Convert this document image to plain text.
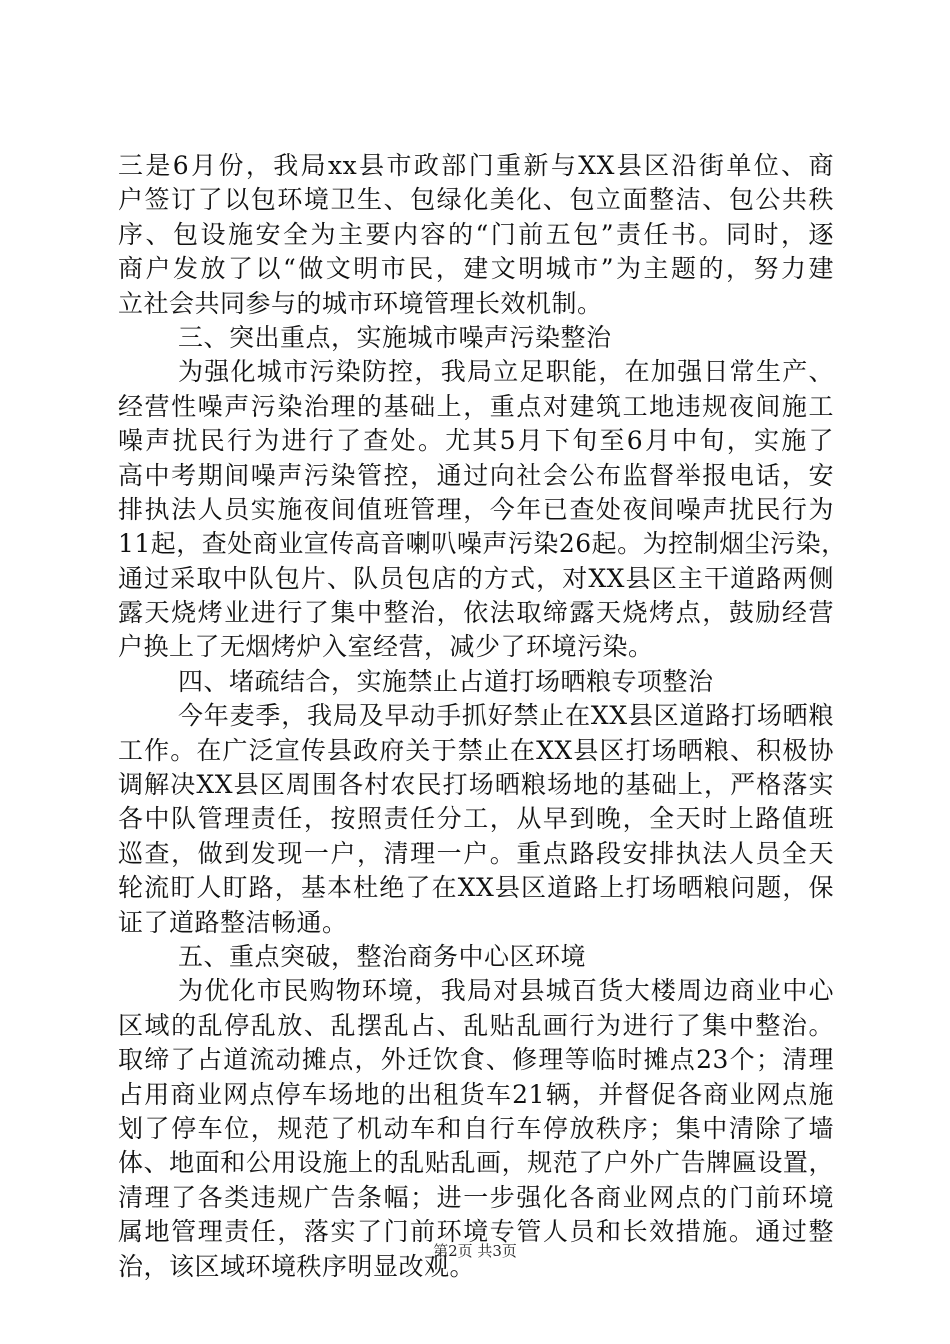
三是6月份，我局xx县市政部门重新与XX县区沿街单位、商
户签订了以包环境卫生、包绿化美化、包立面整洁、包公共秩
序、包设施安全为主要内容的“门前五包”责任书。同时，逐
商户发放了以“做文明市民，建文明城市”为主题的，努力建
立社会共同参与的城市环境管理长效机制。
三、突出重点，实施城市噪声污染整治
为强化城市污染防控，我局立足职能，在加强日常生产、
经营性噪声污染治理的基础上，重点对建筑工地违规夜间施工
噪声扰民行为进行了查处。尤其5月下旬至6月中旬，实施了
高中考期间噪声污染管控，通过向社会公布监督举报电话，安
排执法人员实施夜间值班管理，今年已查处夜间噪声扰民行为
11起，查处商业宣传高音喇叭噪声污染26起。为控制烟尘污染，
通过采取中队包片、队员包店的方式，对XX县区主干道路两侧
露天烧烤业进行了集中整治，依法取缔露天烧烤点，鼓励经营
户换上了无烟烤炉入室经营，减少了环境污染。
四、堵疏结合，实施禁止占道打场晒粮专项整治
今年麦季，我局及早动手抓好禁止在XX县区道路打场晒粮
工作。在广泛宣传县政府关于禁止在XX县区打场晒粮、积极协
调解决XX县区周围各村农民打场晒粮场地的基础上，严格落实
各中队管理责任，按照责任分工，从早到晚，全天时上路值班
巡查，做到发现一户，清理一户。重点路段安排执法人员全天
轮流盯人盯路，基本杜绝了在XX县区道路上打场晒粮问题，保
证了道路整洁畅通。
五、重点突破，整治商务中心区环境
为优化市民购物环境，我局对县城百货大楼周边商业中心
区域的乱停乱放、乱摆乱占、乱贴乱画行为进行了集中整治。
取缔了占道流动摊点，外迁饮食、修理等临时摊点23个；清理
占用商业网点停车场地的出租货车21辆，并督促各商业网点施
划了停车位，规范了机动车和自行车停放秩序；集中清除了墙
体、地面和公用设施上的乱贴乱画，规范了户外广告牌匾设置，
清理了各类违规广告条幅；进一步强化各商业网点的门前环境
属地管理责任，落实了门前环境专管人员和长效措施。通过整
治，该区域环境秩序明显改观。
第2页 共3页
